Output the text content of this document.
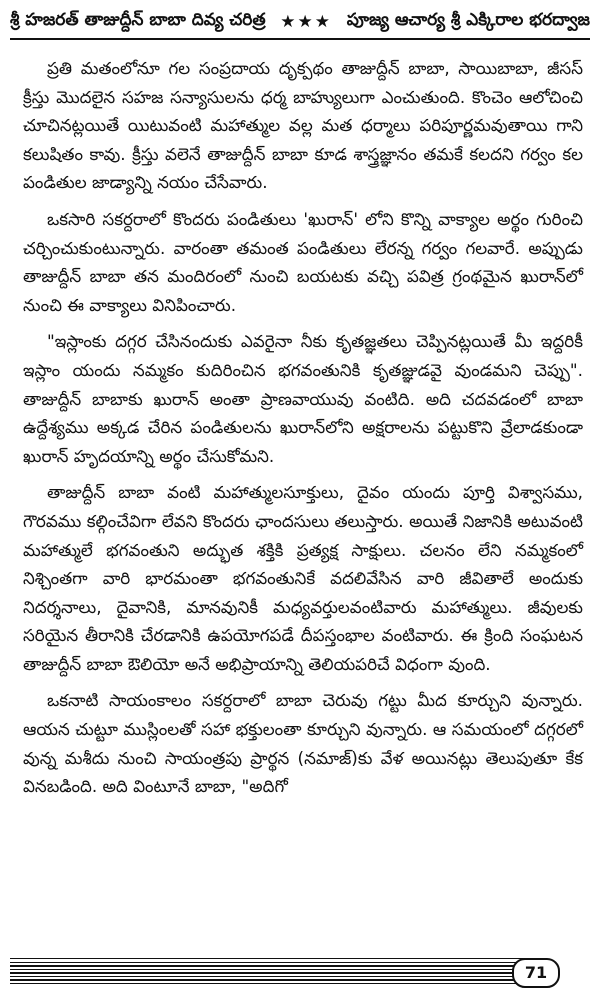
శ్రీ హజరత్ తాజుద్దీన్ బాబా దివ్య చరిత్ర ★★★ పూజ్య ఆచార్య శ్రీ ఎక్కిరాల భరద్వాజ

ప్రతి మతంలోనూ గల సంప్రదాయ దృక్పథం తాజుద్దీన్ బాబా, సాయిబాబా, జీసస్ క్రీస్తు మొదలైన సహజ సన్యాసులను ధర్మ బాహ్యులుగా ఎంచుతుంది. కొంచెం ఆలోచించి చూచినట్లయితే యిటువంటి మహాత్ముల వల్ల మత ధర్మాలు పరిపూర్ణమవుతాయి గాని కలుషితం కావు. క్రీస్తు వలెనే తాజుద్దీన్ బాబా కూడ శాస్త్రజ్ఞానం తమకే కలదని గర్వం కల పండితుల జాడ్యాన్ని నయం చేసేవారు.

ఒకసారి సకర్దరాలో కొందరు పండితులు 'ఖురాన్' లోని కొన్ని వాక్యాల అర్థం గురించి చర్చించుకుంటున్నారు. వారంతా తమంత పండితులు లేరన్న గర్వం గలవారే. అప్పుడు తాజుద్దీన్ బాబా తన మందిరంలో నుంచి బయటకు వచ్చి పవిత్ర గ్రంథమైన ఖురాన్‌లో నుంచి ఈ వాక్యాలు వినిపించారు.

"ఇస్లాంకు దగ్గర చేసినందుకు ఎవరైనా నీకు కృతజ్ఞతలు చెప్పినట్లయితే మీ ఇద్దరికీ ఇస్లాం యందు నమ్మకం కుదిరించిన భగవంతునికి కృతజ్ఞుడవై వుండమని చెప్పు". తాజుద్దీన్ బాబాకు ఖురాన్ అంతా ప్రాణవాయువు వంటిది. అది చదవడంలో బాబా ఉద్దేశ్యము అక్కడ చేరిన పండితులను ఖురాన్‌లోని అక్షరాలను పట్టుకొని వ్రేలాడకుండా ఖురాన్ హృదయాన్ని అర్థం చేసుకోమని.

తాజుద్దీన్ బాబా వంటి మహాత్ములసూక్తులు, దైవం యందు పూర్తి విశ్వాసము, గౌరవము కల్గించేవిగా లేవని కొందరు ఛాందసులు తలుస్తారు. అయితే నిజానికి అటువంటి మహాత్ములే భగవంతుని అద్భుత శక్తికి ప్రత్యక్ష సాక్షులు. చలనం లేని నమ్మకంలో నిశ్చింతగా వారి భారమంతా భగవంతునికే వదలివేసిన వారి జీవితాలే అందుకు నిదర్శనాలు, దైవానికి, మానవునికీ మధ్యవర్తులవంటివారు మహాత్ములు. జీవులకు సరియైన తీరానికి చేరడానికి ఉపయోగపడే దీపస్తంభాల వంటివారు. ఈ క్రింది సంఘటన తాజుద్దీన్ బాబా ఔలియో అనే అభిప్రాయాన్ని తెలియపరిచే విధంగా వుంది.

ఒకనాటి సాయంకాలం సకర్దరాలో బాబా చెరువు గట్టు మీద కూర్చుని వున్నారు. ఆయన చుట్టూ ముస్లింలతో సహా భక్తులంతా కూర్చుని వున్నారు. ఆ సమయంలో దగ్గరలో వున్న మశీదు నుంచి సాయంత్రపు ప్రార్థన (నమాజ్)కు వేళ అయినట్లు తెలుపుతూ కేక వినబడింది. అది వింటూనే బాబా, "అదిగో

71
